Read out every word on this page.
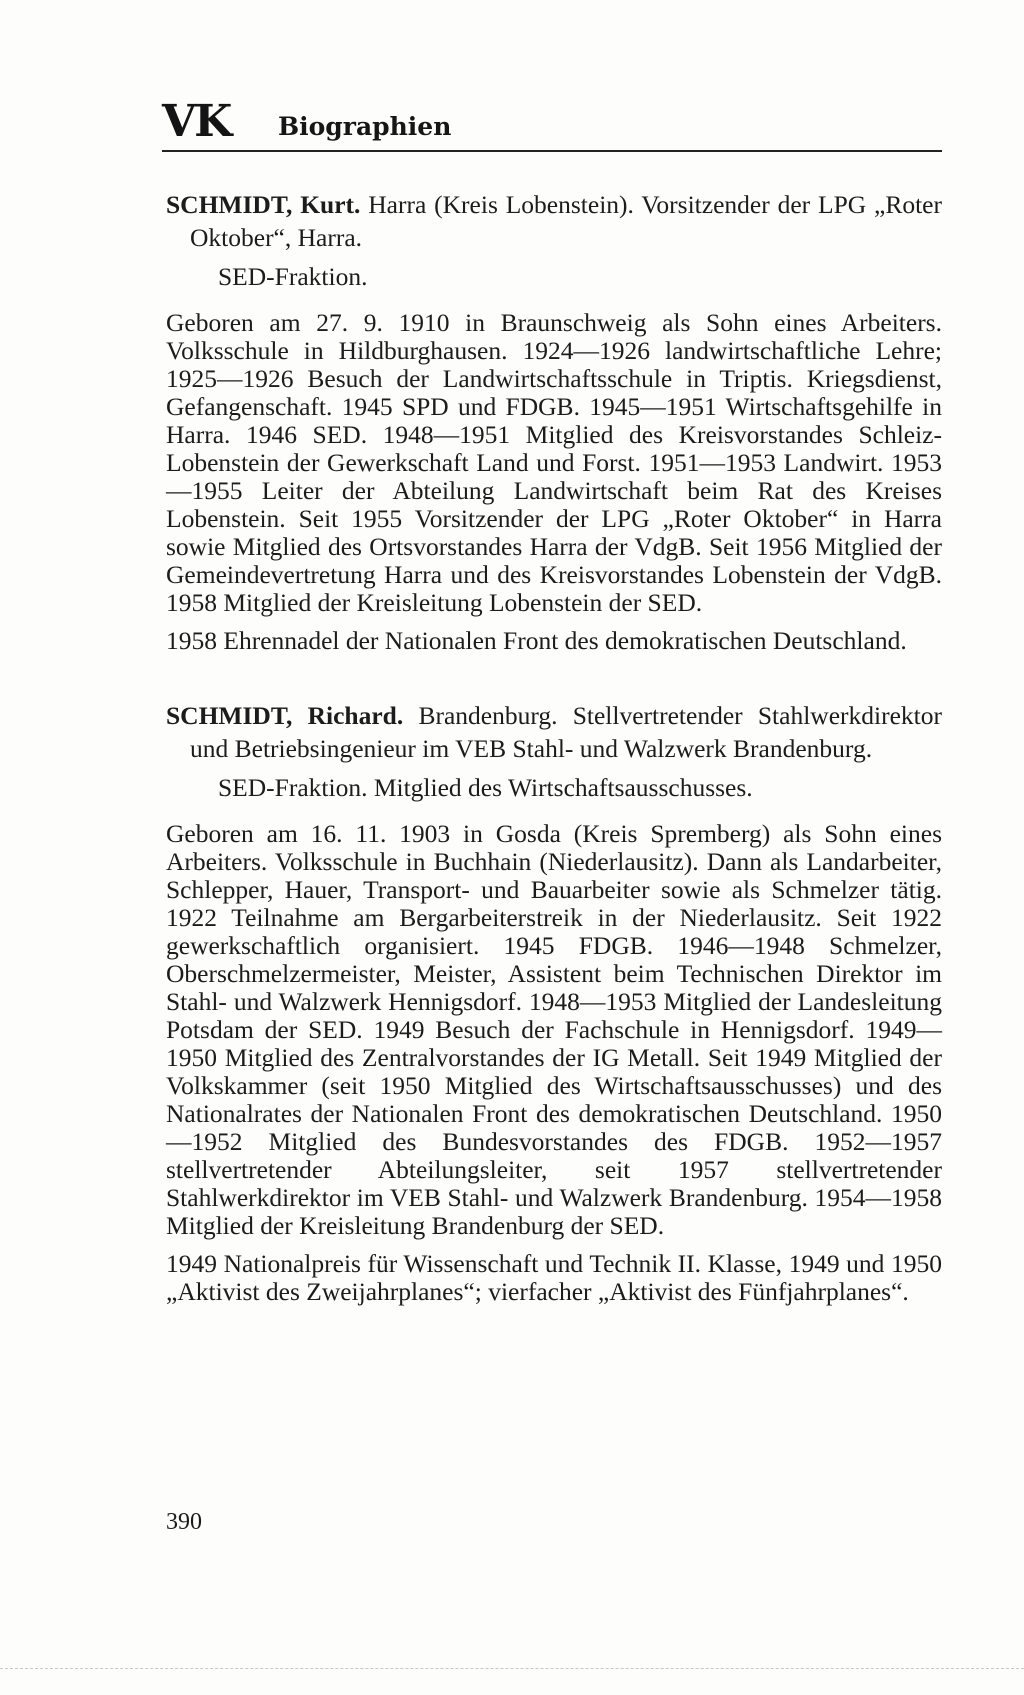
VK Biographien

SCHMIDT, Kurt. Harra (Kreis Lobenstein). Vorsitzender der LPG „Roter Oktober“, Harra.

SED-Fraktion.

Geboren am 27. 9. 1910 in Braunschweig als Sohn eines Arbeiters. Volksschule in Hildburghausen. 1924—1926 landwirtschaftliche Lehre; 1925—1926 Besuch der Landwirtschaftsschule in Triptis. Kriegsdienst, Gefangenschaft. 1945 SPD und FDGB. 1945—1951 Wirtschaftsgehilfe in Harra. 1946 SED. 1948—1951 Mitglied des Kreisvorstandes Schleiz-Lobenstein der Gewerkschaft Land und Forst. 1951—1953 Landwirt. 1953—1955 Leiter der Abteilung Landwirtschaft beim Rat des Kreises Lobenstein. Seit 1955 Vorsitzender der LPG „Roter Oktober“ in Harra sowie Mitglied des Ortsvorstandes Harra der VdgB. Seit 1956 Mitglied der Gemeindevertretung Harra und des Kreisvorstandes Lobenstein der VdgB. 1958 Mitglied der Kreisleitung Lobenstein der SED.

1958 Ehrennadel der Nationalen Front des demokratischen Deutschland.

SCHMIDT, Richard. Brandenburg. Stellvertretender Stahlwerkdirektor und Betriebsingenieur im VEB Stahl- und Walzwerk Brandenburg.

SED-Fraktion. Mitglied des Wirtschaftsausschusses.

Geboren am 16. 11. 1903 in Gosda (Kreis Spremberg) als Sohn eines Arbeiters. Volksschule in Buchhain (Niederlausitz). Dann als Landarbeiter, Schlepper, Hauer, Transport- und Bauarbeiter sowie als Schmelzer tätig. 1922 Teilnahme am Bergarbeiterstreik in der Niederlausitz. Seit 1922 gewerkschaftlich organisiert. 1945 FDGB. 1946—1948 Schmelzer, Oberschmelzermeister, Meister, Assistent beim Technischen Direktor im Stahl- und Walzwerk Hennigsdorf. 1948—1953 Mitglied der Landesleitung Potsdam der SED. 1949 Besuch der Fachschule in Hennigsdorf. 1949—1950 Mitglied des Zentralvorstandes der IG Metall. Seit 1949 Mitglied der Volkskammer (seit 1950 Mitglied des Wirtschaftsausschusses) und des Nationalrates der Nationalen Front des demokratischen Deutschland. 1950—1952 Mitglied des Bundesvorstandes des FDGB. 1952—1957 stellvertretender Abteilungsleiter, seit 1957 stellvertretender Stahlwerkdirektor im VEB Stahl- und Walzwerk Brandenburg. 1954—1958 Mitglied der Kreisleitung Brandenburg der SED.

1949 Nationalpreis für Wissenschaft und Technik II. Klasse, 1949 und 1950 „Aktivist des Zweijahrplanes“; vierfacher „Aktivist des Fünfjahrplanes“.

390
